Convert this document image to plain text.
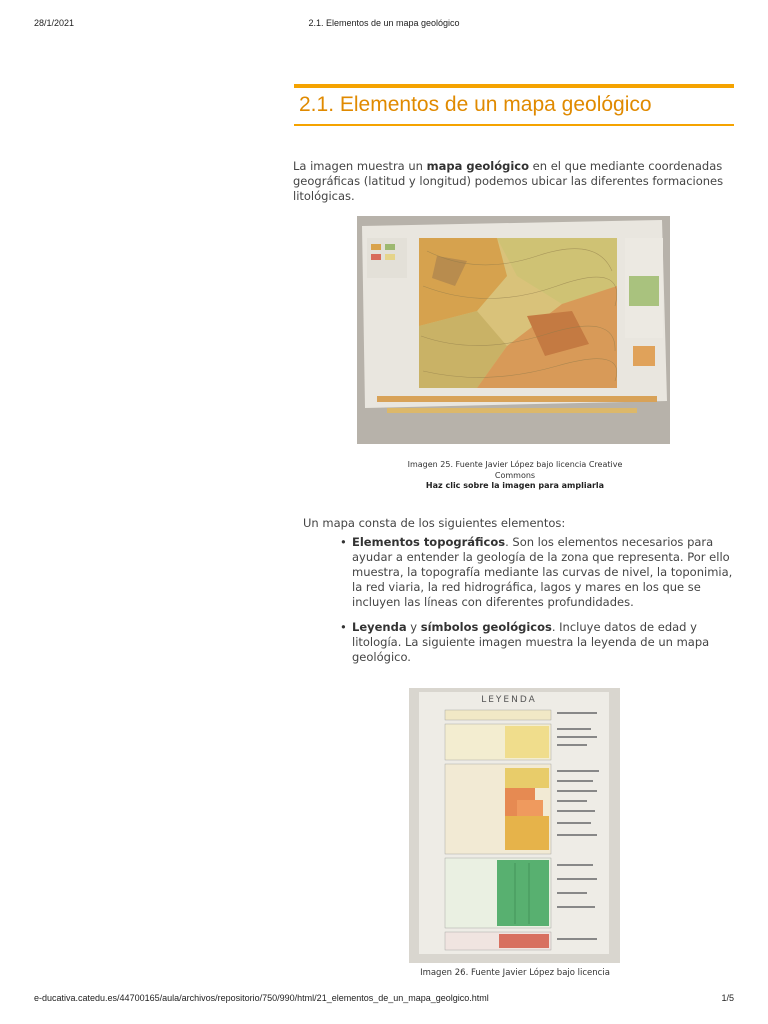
28/1/2021	2.1. Elementos de un mapa geológico
2.1. Elementos de un mapa geológico

La imagen muestra un mapa geológico en el que mediante coordenadas geográficas (latitud y longitud) podemos ubicar las diferentes formaciones litológicas.

Imagen 25. Fuente Javier López bajo licencia Creative Commons
Haz clic sobre la imagen para ampliarla
Un mapa consta de los siguientes elementos:
• Elementos topográficos. Son los elementos necesarios para ayudar a entender la geología de la zona que representa. Por ello muestra, la topografía mediante las curvas de nivel, la toponimia, la red viaria, la red hidrográfica, lagos y mares en los que se incluyen las líneas con diferentes profundidades.
• Leyenda y símbolos geológicos. Incluye datos de edad y litología. La siguiente imagen muestra la leyenda de un mapa geológico.
LEYENDA
Imagen 26. Fuente Javier López bajo licencia
e-ducativa.catedu.es/44700165/aula/archivos/repositorio/750/990/html/21_elementos_de_un_mapa_geolgico.html	1/5
